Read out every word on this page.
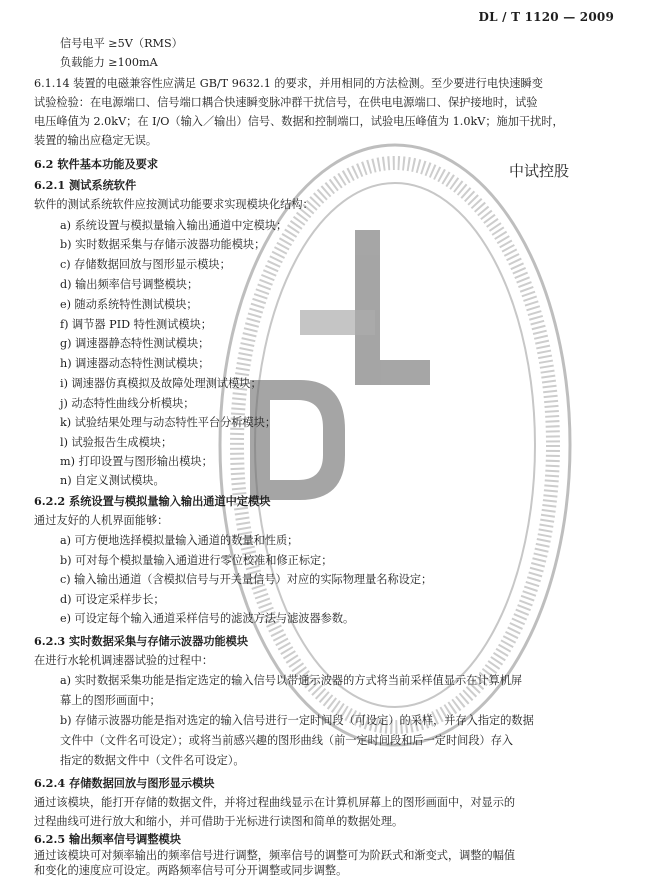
DL / T 1120 — 2009
中试控股
信号电平 ≥5V（RMS）
负载能力 ≥100mA
6.1.14 装置的电磁兼容性应满足 GB/T 9632.1 的要求，并用相同的方法检测。至少要进行电快速瞬变
试验检验：在电源端口、信号端口耦合快速瞬变脉冲群干扰信号，在供电电源端口、保护接地时，试验
电压峰值为 2.0kV；在 I/O（输入／输出）信号、数据和控制端口，试验电压峰值为 1.0kV；施加干扰时，
装置的输出应稳定无误。
6.2 软件基本功能及要求
6.2.1 测试系统软件
软件的测试系统软件应按测试功能要求实现模块化结构：
a) 系统设置与模拟量输入输出通道中定模块；
b) 实时数据采集与存储示波器功能模块；
c) 存储数据回放与图形显示模块；
d) 输出频率信号调整模块；
e) 随动系统特性测试模块；
f) 调节器 PID 特性测试模块；
g) 调速器静态特性测试模块；
h) 调速器动态特性测试模块；
i) 调速器仿真模拟及故障处理测试模块；
j) 动态特性曲线分析模块；
k) 试验结果处理与动态特性平台分析模块；
l) 试验报告生成模块；
m) 打印设置与图形输出模块；
n) 自定义测试模块。
6.2.2 系统设置与模拟量输入输出通道中定模块
通过友好的人机界面能够：
a) 可方便地选择模拟量输入通道的数量和性质；
b) 可对每个模拟量输入通道进行零位校准和修正标定；
c) 输入输出通道（含模拟信号与开关量信号）对应的实际物理量名称设定；
d) 可设定采样步长；
e) 可设定每个输入通道采样信号的滤波方法与滤波器参数。
6.2.3 实时数据采集与存储示波器功能模块
在进行水轮机调速器试验的过程中：
a) 实时数据采集功能是指定选定的输入信号以带通示波器的方式将当前采样值显示在计算机屏
幕上的图形画面中；
b) 存储示波器功能是指对选定的输入信号进行一定时间段（可设定）的采样，并存入指定的数据
文件中（文件名可设定）；或将当前感兴趣的图形曲线（前一定时间段和后一定时间段）存入
指定的数据文件中（文件名可设定）。
6.2.4 存储数据回放与图形显示模块
通过该模块，能打开存储的数据文件，并将过程曲线显示在计算机屏幕上的图形画面中，对显示的
过程曲线可进行放大和缩小，并可借助于光标进行读图和简单的数据处理。
6.2.5 输出频率信号调整模块
通过该模块可对频率输出的频率信号进行调整，频率信号的调整可为阶跃式和渐变式，调整的幅值
和变化的速度应可设定。两路频率信号可分开调整或同步调整。
